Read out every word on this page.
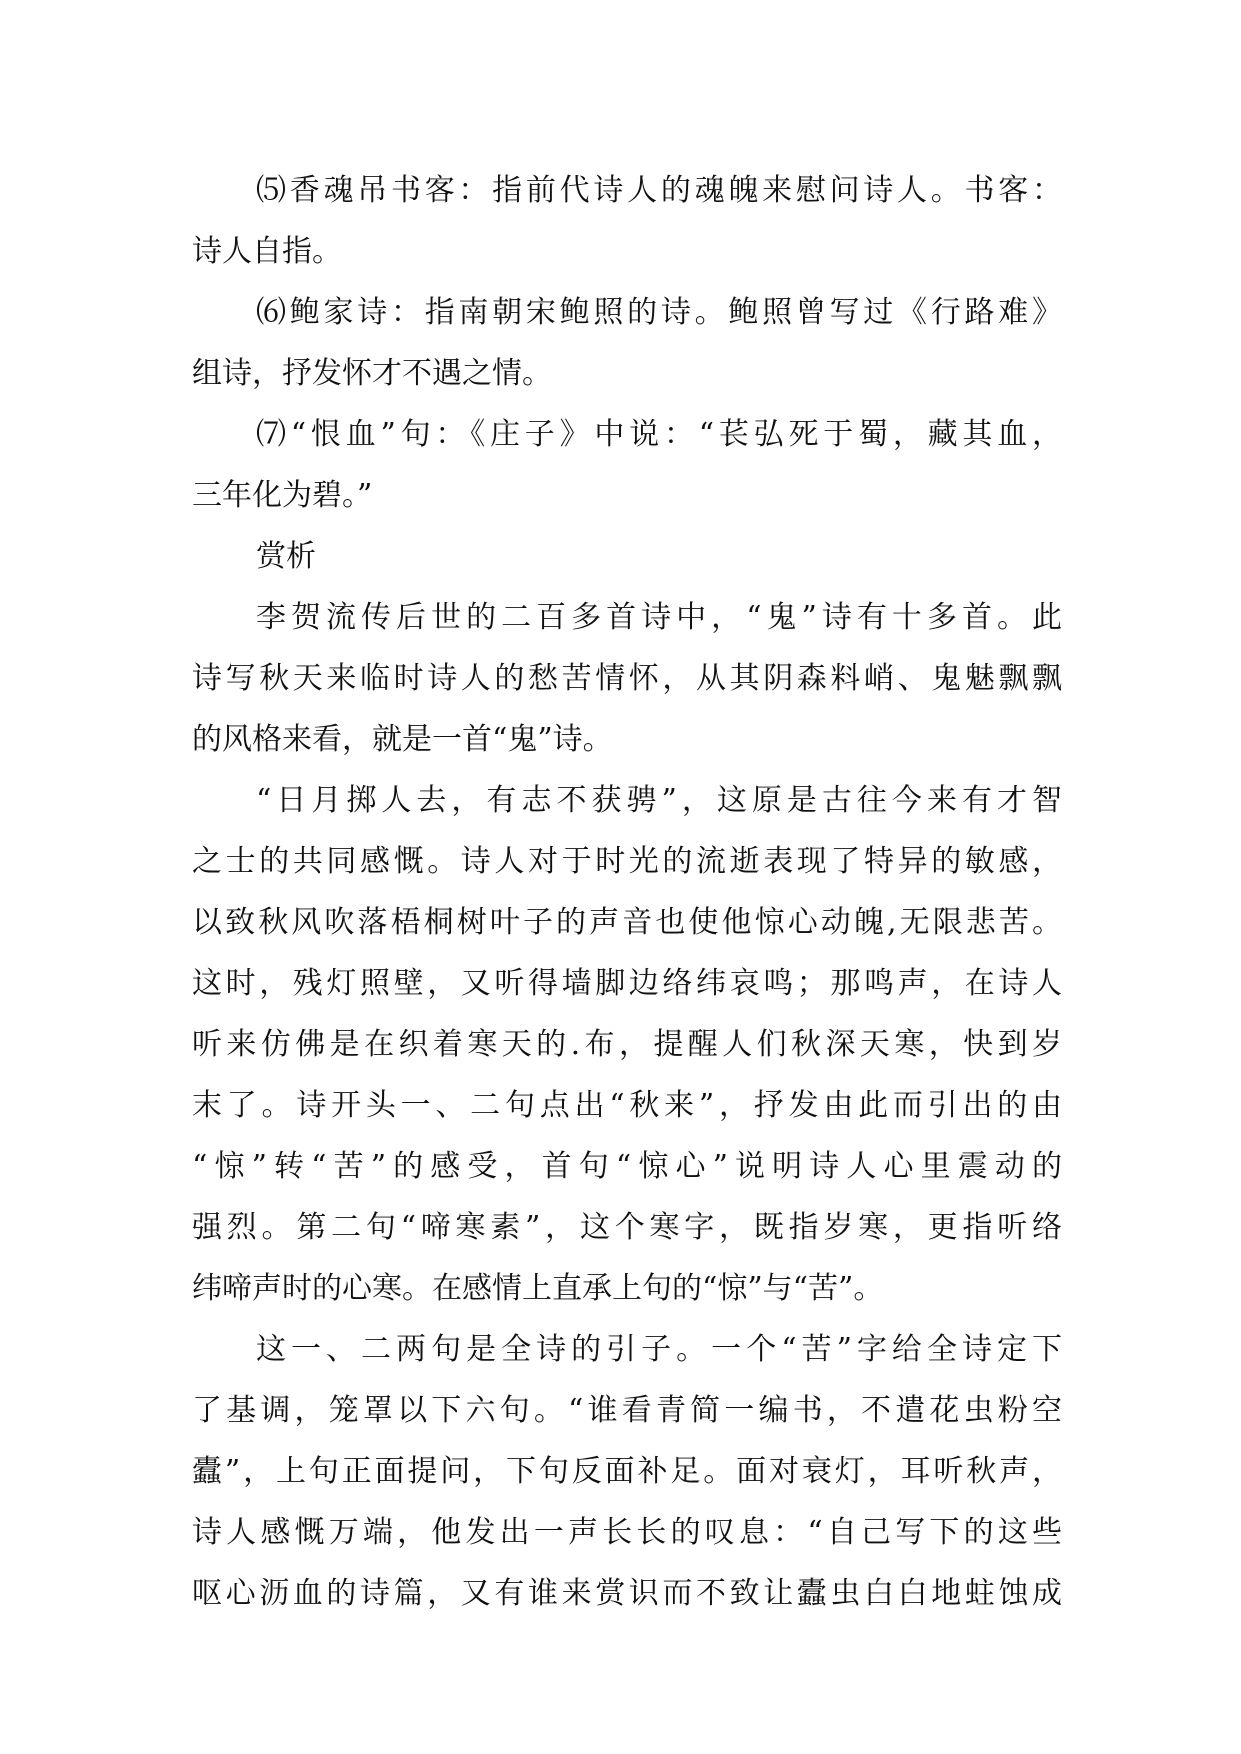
⑸香魂吊书客：指前代诗人的魂魄来慰问诗人。书客：
诗人自指。
⑹鲍家诗：指南朝宋鲍照的诗。鲍照曾写过《行路难》
组诗，抒发怀才不遇之情。
⑺“恨血”句：《庄子》中说：“苌弘死于蜀，藏其血，
三年化为碧。”
赏析
李贺流传后世的二百多首诗中，“鬼”诗有十多首。此
诗写秋天来临时诗人的愁苦情怀，从其阴森料峭、鬼魅飘飘
的风格来看，就是一首“鬼”诗。
“日月掷人去，有志不获骋”，这原是古往今来有才智
之士的共同感慨。诗人对于时光的流逝表现了特异的敏感，
以致秋风吹落梧桐树叶子的声音也使他惊心动魄,无限悲苦。
这时，残灯照壁，又听得墙脚边络纬哀鸣；那鸣声，在诗人
听来仿佛是在织着寒天的.布，提醒人们秋深天寒，快到岁
末了。诗开头一、二句点出“秋来”，抒发由此而引出的由
“惊”转“苦”的感受，首句“惊心”说明诗人心里震动的
强烈。第二句“啼寒素”，这个寒字，既指岁寒，更指听络
纬啼声时的心寒。在感情上直承上句的“惊”与“苦”。
这一、二两句是全诗的引子。一个“苦”字给全诗定下
了基调，笼罩以下六句。“谁看青简一编书，不遣花虫粉空
蠹”，上句正面提问，下句反面补足。面对衰灯，耳听秋声，
诗人感慨万端，他发出一声长长的叹息：“自己写下的这些
呕心沥血的诗篇，又有谁来赏识而不致让蠹虫白白地蛀蚀成
